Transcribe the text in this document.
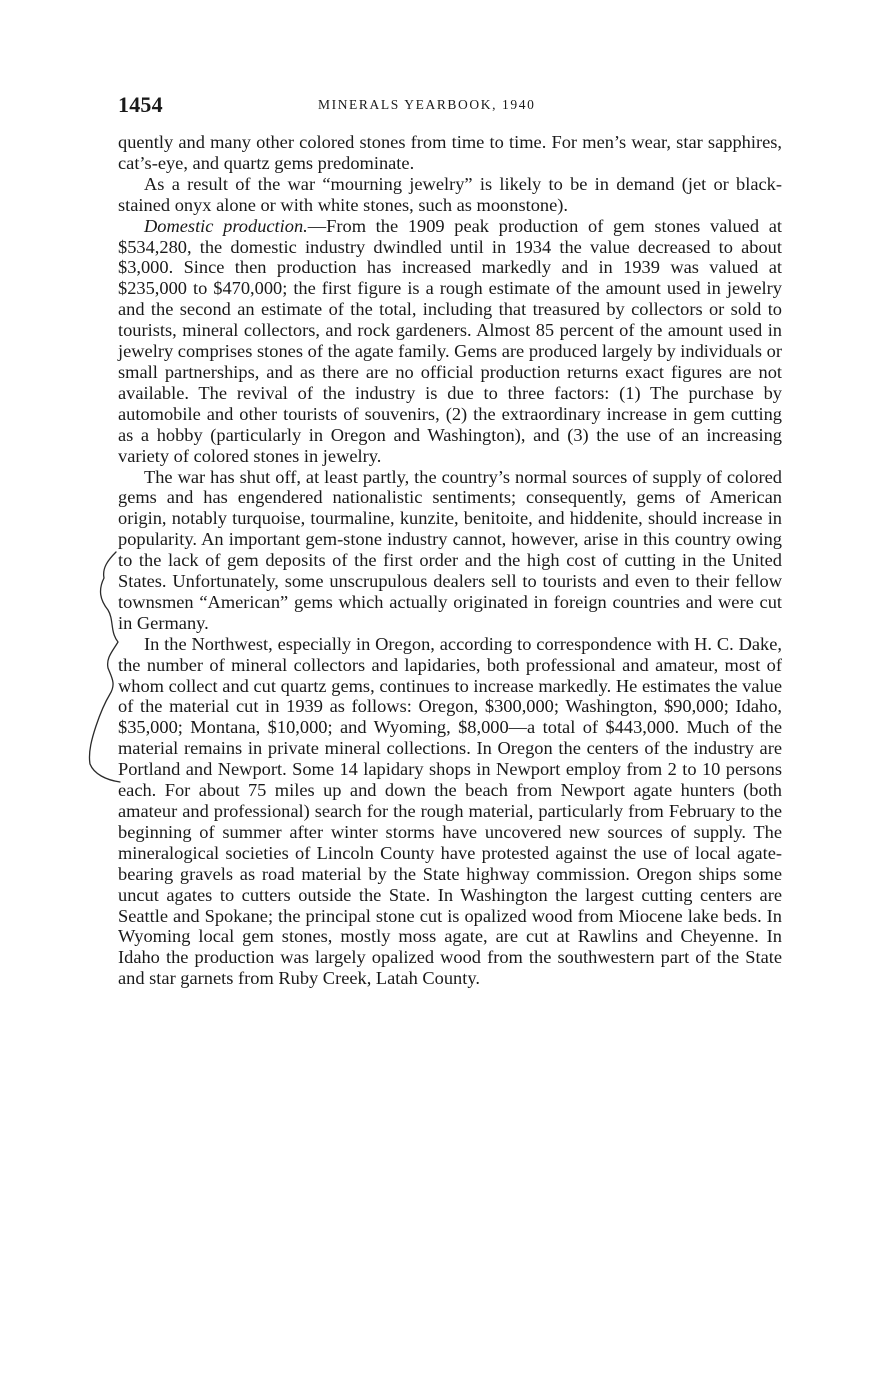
1454	MINERALS YEARBOOK, 1940

quently and many other colored stones from time to time. For men’s wear, star sapphires, cat’s-eye, and quartz gems predominate.

As a result of the war “mourning jewelry” is likely to be in demand (jet or black-stained onyx alone or with white stones, such as moonstone).

Domestic production.—From the 1909 peak production of gem stones valued at $534,280, the domestic industry dwindled until in 1934 the value decreased to about $3,000. Since then production has increased markedly and in 1939 was valued at $235,000 to $470,000; the first figure is a rough estimate of the amount used in jewelry and the second an estimate of the total, including that treasured by collectors or sold to tourists, mineral collectors, and rock gardeners. Almost 85 percent of the amount used in jewelry comprises stones of the agate family. Gems are produced largely by individuals or small partnerships, and as there are no official production returns exact figures are not available. The revival of the industry is due to three factors: (1) The purchase by automobile and other tourists of souvenirs, (2) the extraordinary increase in gem cutting as a hobby (particularly in Oregon and Washington), and (3) the use of an increasing variety of colored stones in jewelry.

The war has shut off, at least partly, the country’s normal sources of supply of colored gems and has engendered nationalistic sentiments; consequently, gems of American origin, notably turquoise, tourmaline, kunzite, benitoite, and hiddenite, should increase in popularity. An important gem-stone industry cannot, however, arise in this country owing to the lack of gem deposits of the first order and the high cost of cutting in the United States. Unfortunately, some unscrupulous dealers sell to tourists and even to their fellow townsmen “American” gems which actually originated in foreign countries and were cut in Germany.

In the Northwest, especially in Oregon, according to correspondence with H. C. Dake, the number of mineral collectors and lapidaries, both professional and amateur, most of whom collect and cut quartz gems, continues to increase markedly. He estimates the value of the material cut in 1939 as follows: Oregon, $300,000; Washington, $90,000; Idaho, $35,000; Montana, $10,000; and Wyoming, $8,000—a total of $443,000. Much of the material remains in private mineral collections. In Oregon the centers of the industry are Portland and Newport. Some 14 lapidary shops in Newport employ from 2 to 10 persons each. For about 75 miles up and down the beach from Newport agate hunters (both amateur and professional) search for the rough material, particularly from February to the beginning of summer after winter storms have uncovered new sources of supply. The mineralogical societies of Lincoln County have protested against the use of local agate-bearing gravels as road material by the State highway commission. Oregon ships some uncut agates to cutters outside the State. In Washington the largest cutting centers are Seattle and Spokane; the principal stone cut is opalized wood from Miocene lake beds. In Wyoming local gem stones, mostly moss agate, are cut at Rawlins and Cheyenne. In Idaho the production was largely opalized wood from the southwestern part of the State and star garnets from Ruby Creek, Latah County.
